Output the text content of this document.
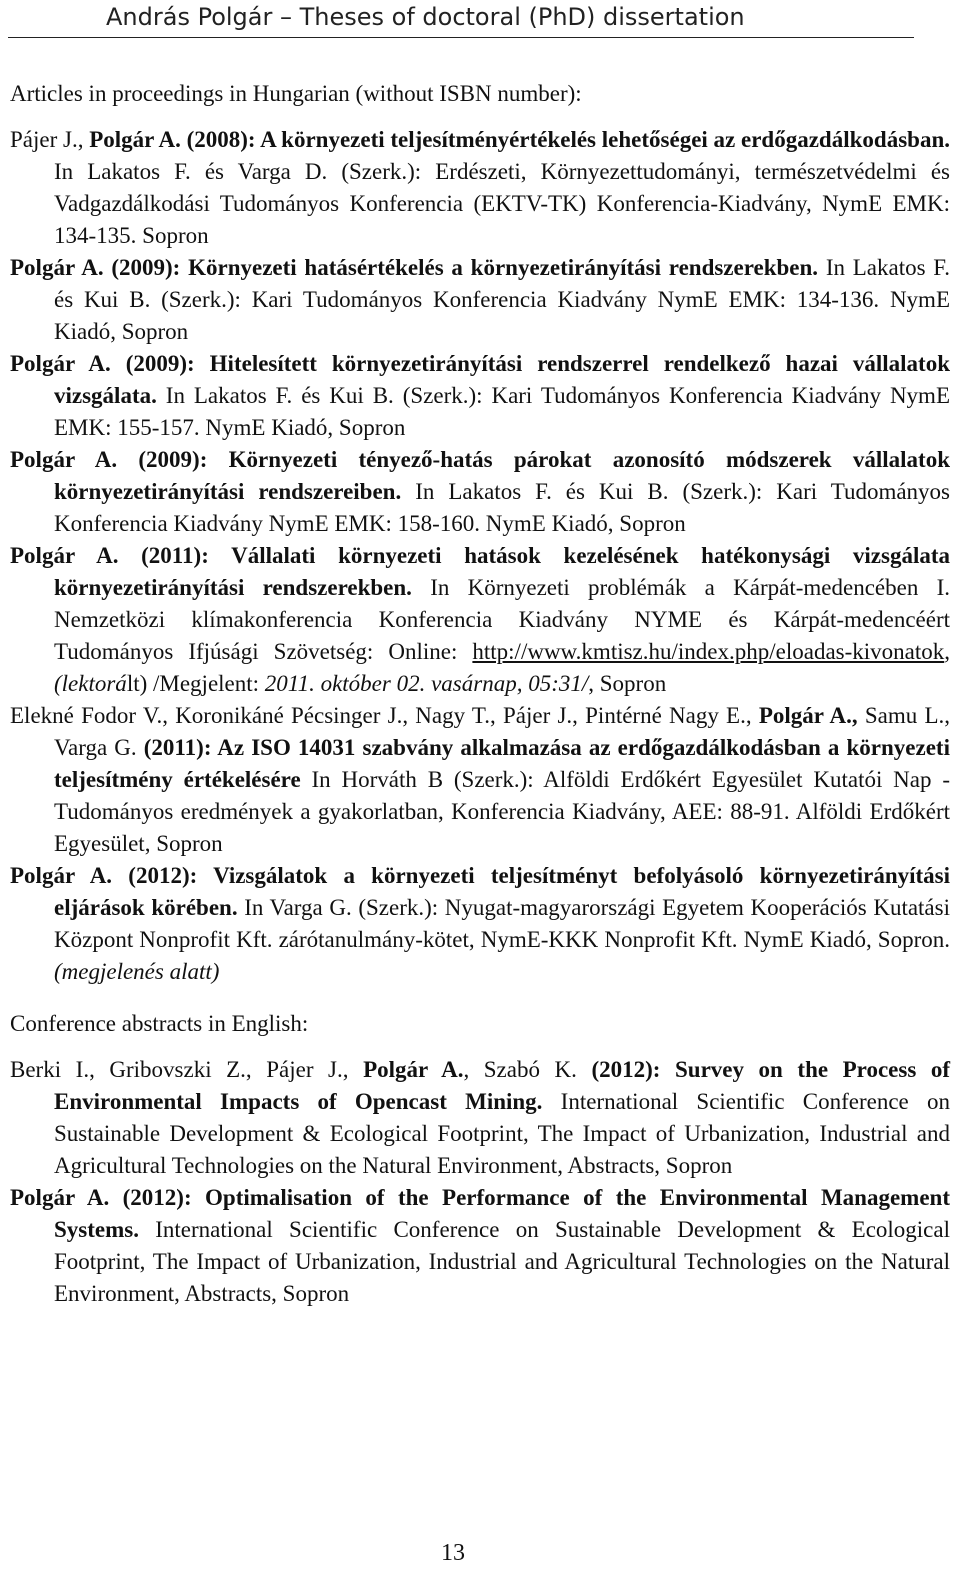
András Polgár – Theses of doctoral (PhD) dissertation

Articles in proceedings in Hungarian (without ISBN number):

Pájer J., Polgár A. (2008): A környezeti teljesítményértékelés lehetőségei az erdőgazdálkodásban. In Lakatos F. és Varga D. (Szerk.): Erdészeti, Környezettudományi, természetvédelmi és Vadgazdálkodási Tudományos Konferencia (EKTV-TK) Konferencia-Kiadvány, NymE EMK: 134-135. Sopron

Polgár A. (2009): Környezeti hatásértékelés a környezetirányítási rendszerekben. In Lakatos F. és Kui B. (Szerk.): Kari Tudományos Konferencia Kiadvány NymE EMK: 134-136. NymE Kiadó, Sopron

Polgár A. (2009): Hitelesített környezetirányítási rendszerrel rendelkező hazai vállalatok vizsgálata. In Lakatos F. és Kui B. (Szerk.): Kari Tudományos Konferencia Kiadvány NymE EMK: 155-157. NymE Kiadó, Sopron

Polgár A. (2009): Környezeti tényező-hatás párokat azonosító módszerek vállalatok környezetirányítási rendszereiben. In Lakatos F. és Kui B. (Szerk.): Kari Tudományos Konferencia Kiadvány NymE EMK: 158-160. NymE Kiadó, Sopron

Polgár A. (2011): Vállalati környezeti hatások kezelésének hatékonysági vizsgálata környezetirányítási rendszerekben. In Környezeti problémák a Kárpát-medencében I. Nemzetközi klímakonferencia Konferencia Kiadvány NYME és Kárpát-medencéért Tudományos Ifjúsági Szövetség: Online: http://www.kmtisz.hu/index.php/eloadas-kivonatok, (lektorált) /Megjelent: 2011. október 02. vasárnap, 05:31/, Sopron

Elekné Fodor V., Koronikáné Pécsinger J., Nagy T., Pájer J., Pintérné Nagy E., Polgár A., Samu L., Varga G. (2011): Az ISO 14031 szabvány alkalmazása az erdőgazdálkodásban a környezeti teljesítmény értékelésére In Horváth B (Szerk.): Alföldi Erdőkért Egyesület Kutatói Nap - Tudományos eredmények a gyakorlatban, Konferencia Kiadvány, AEE: 88-91. Alföldi Erdőkért Egyesület, Sopron

Polgár A. (2012): Vizsgálatok a környezeti teljesítményt befolyásoló környezetirányítási eljárások körében. In Varga G. (Szerk.): Nyugat-magyarországi Egyetem Kooperációs Kutatási Központ Nonprofit Kft. zárótanulmány-kötet, NymE-KKK Nonprofit Kft. NymE Kiadó, Sopron. (megjelenés alatt)

Conference abstracts in English:

Berki I., Gribovszki Z., Pájer J., Polgár A., Szabó K. (2012): Survey on the Process of Environmental Impacts of Opencast Mining. International Scientific Conference on Sustainable Development & Ecological Footprint, The Impact of Urbanization, Industrial and Agricultural Technologies on the Natural Environment, Abstracts, Sopron

Polgár A. (2012): Optimalisation of the Performance of the Environmental Management Systems. International Scientific Conference on Sustainable Development & Ecological Footprint, The Impact of Urbanization, Industrial and Agricultural Technologies on the Natural Environment, Abstracts, Sopron

13
